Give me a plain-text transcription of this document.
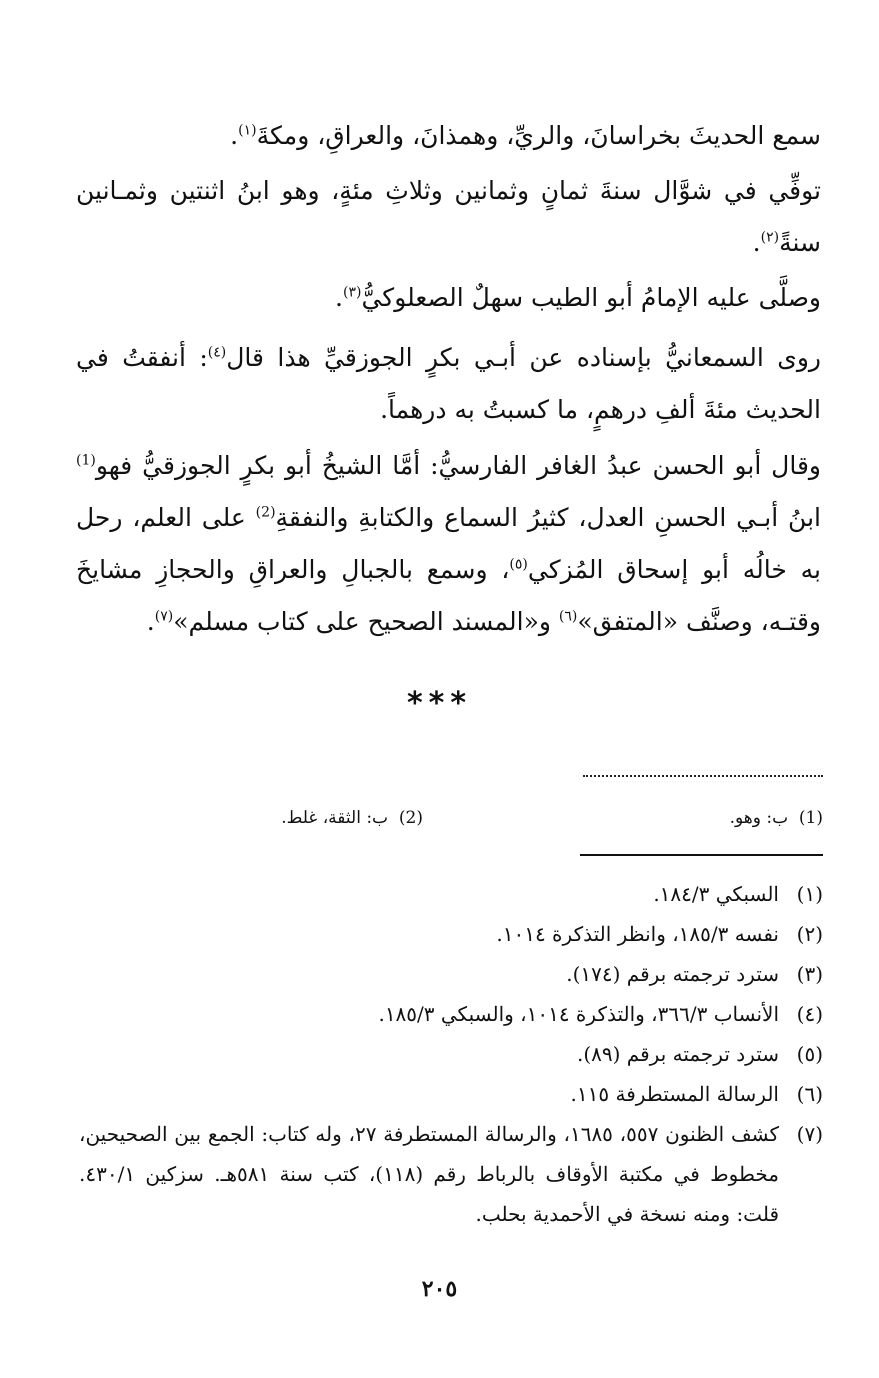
سمع الحديثَ بخراسانَ، والريِّ، وهمذانَ، والعراقِ، ومكةَ$^{(١)}$.

توفِّي في شوَّال سنةَ ثمانٍ وثمانين وثلاثِ مئةٍ، وهو ابنُ اثنتين وثمـانين سنةً$^{(٢)}$.

وصلَّى عليه الإمامُ أبو الطيب سهلٌ الصعلوكيُّ$^{(٣)}$.

روى السمعانيُّ بإسناده عن أبـي بكرٍ الجوزقيِّ هذا قال$^{(٤)}$: أنفقتُ في الحديث مئةَ ألفِ درهمٍ، ما كسبتُ به درهماً.

وقال أبو الحسن عبدُ الغافر الفارسيُّ: أمَّا الشيخُ أبو بكرٍ الجوزقيُّ فهو$^{(1)}$ ابنُ أبـي الحسنِ العدل، كثيرُ السماع والكتابةِ والنفقةِ$^{(2)}$ على العلم، رحل به خالُه أبو إسحاق المُزكي$^{(٥)}$، وسمع بالجبالِ والعراقِ والحجازِ مشايخَ وقتـه، وصنَّف «المتفق»$^{(٦)}$ و«المسند الصحيح على كتاب مسلم»$^{(٧)}$.

***
(1)  ب: وهو.
(2)  ب: الثقة، غلط.
(١)
السبكي ١٨٤/٣.
(٢)
نفسه ١٨٥/٣، وانظر التذكرة ١٠١٤.
(٣)
سترد ترجمته برقم (١٧٤).
(٤)
الأنساب ٣٦٦/٣، والتذكرة ١٠١٤، والسبكي ١٨٥/٣.
(٥)
سترد ترجمته برقم (٨٩).
(٦)
الرسالة المستطرفة ١١٥.
(٧)
كشف الظنون ٥٥٧، ١٦٨٥، والرسالة المستطرفة ٢٧، وله كتاب: الجمع بين الصحيحين، مخطوط في مكتبة الأوقاف بالرباط رقم (١١٨)، كتب سنة ٥٨١هـ. سزكين ٤٣٠/١. قلت: ومنه نسخة في الأحمدية بحلب.
٢٠٥
